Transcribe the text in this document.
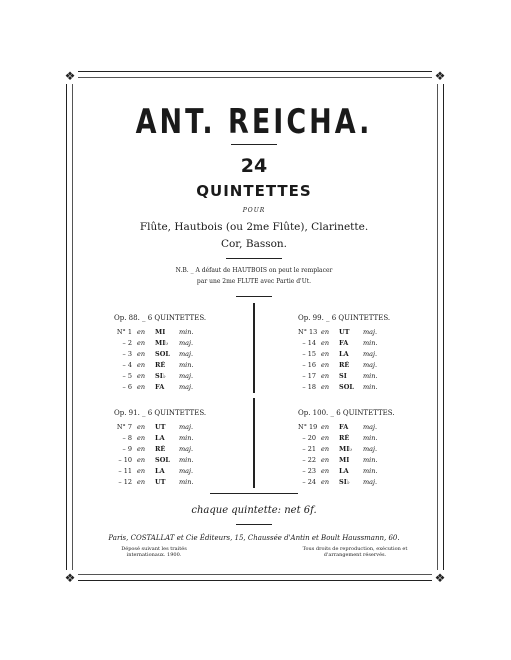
❖	❖
❖	❖
ANT. REICHA.
24
QUINTETTES
POUR
Flûte, Hautbois (ou 2me Flûte), Clarinette.
Cor, Basson.
N.B. _ A défaut de HAUTBOIS on peut le remplacer
par une 2me FLUTE avec Partie d'Ut.
Op. 88. _ 6 QUINTETTES.
N° 1 en	MI	min.
– 2 en	MI♭	maj.
– 3 en	SOL	maj.
– 4 en	RÉ	min.
– 5 en	SI♭	maj.
– 6 en	FA	maj.
Op. 99. _ 6 QUINTETTES.
N° 13 en	UT	maj.
– 14 en	FA	min.
– 15 en	LA	maj.
– 16 en	RÉ	maj.
– 17 en	SI	min.
– 18 en	SOL	min.
Op. 91. _ 6 QUINTETTES.
N° 7 en	UT	maj.
– 8 en	LA	min.
– 9 en	RÉ	maj.
– 10 en	SOL	min.
– 11 en	LA	maj.
– 12 en	UT	min.
Op. 100. _ 6 QUINTETTES.
N° 19 en	FA	maj.
– 20 en	RÉ	min.
– 21 en	MI♭	maj.
– 22 en	MI	min.
– 23 en	LA	min.
– 24 en	SI♭	maj.
chaque quintette: net 6f.
Paris, COSTALLAT et Cie Éditeurs, 15, Chaussée d'Antin et Boult Haussmann, 60.
Déposé suivant les traités internationaux. 1900.
Tous droits de reproduction, exécution et d'arrangement réservés.
